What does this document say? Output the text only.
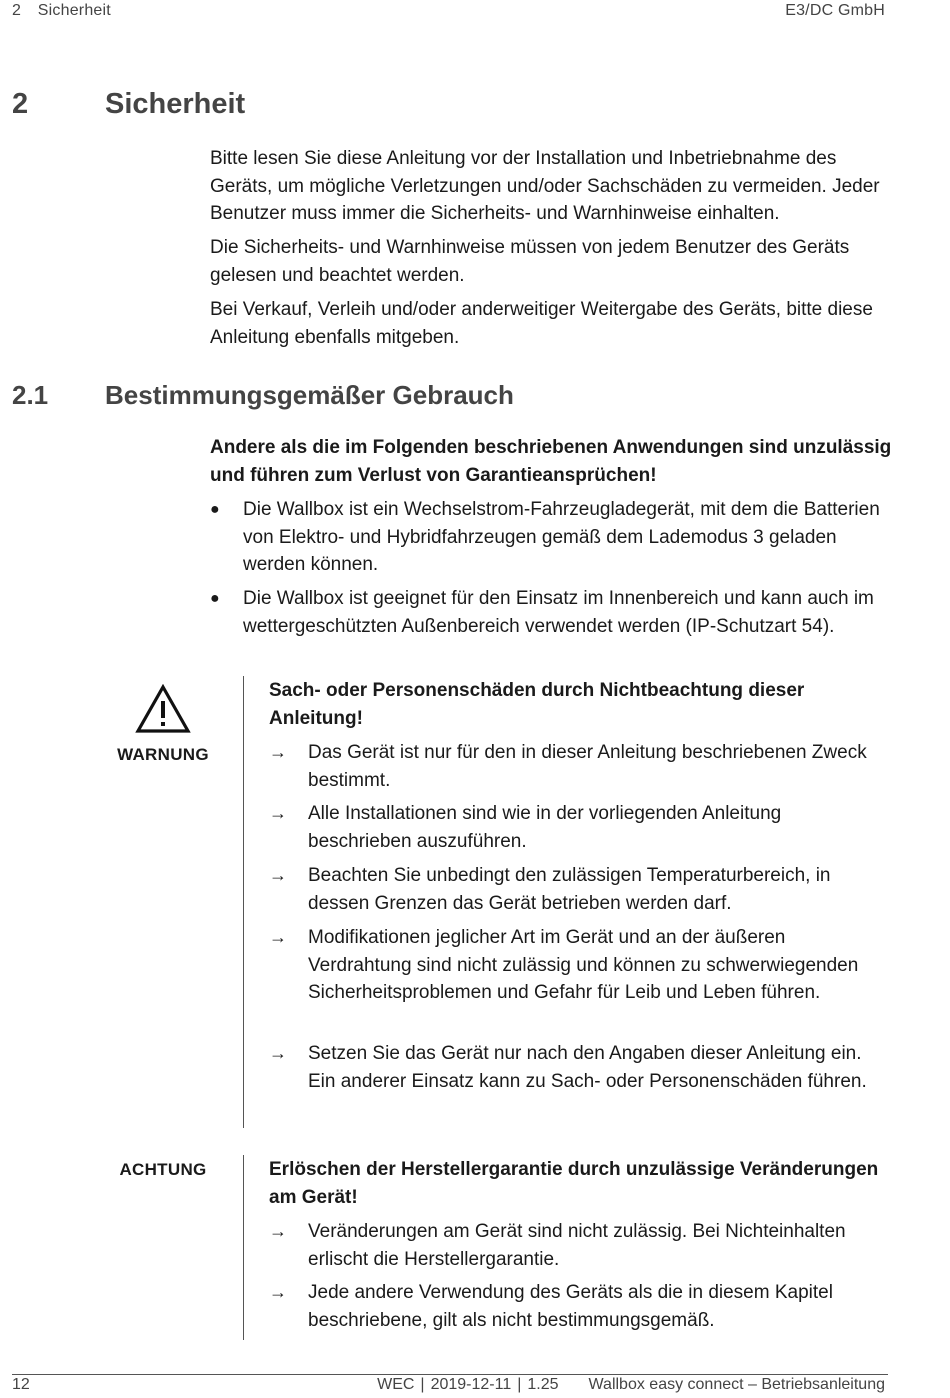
2 Sicherheit	E3/DC GmbH
2	Sicherheit

Bitte lesen Sie diese Anleitung vor der Installation und Inbetriebnahme des Geräts, um mögliche Verletzungen und/oder Sachschäden zu vermeiden. Jeder Benutzer muss immer die Sicherheits- und Warnhinweise einhalten.

Die Sicherheits- und Warnhinweise müssen von jedem Benutzer des Geräts gelesen und beachtet werden.

Bei Verkauf, Verleih und/oder anderweitiger Weitergabe des Geräts, bitte diese Anleitung ebenfalls mitgeben.

2.1	Bestimmungsgemäßer Gebrauch

Andere als die im Folgenden beschriebenen Anwendungen sind unzulässig und führen zum Verlust von Garantieansprüchen!

●	Die Wallbox ist ein Wechselstrom-Fahrzeugladegerät, mit dem die Batterien von Elektro- und Hybridfahrzeugen gemäß dem Lademodus 3 geladen werden können.
●	Die Wallbox ist geeignet für den Einsatz im Innenbereich und kann auch im wettergeschützten Außenbereich verwendet werden (IP-Schutzart 54).
WARNUNG
Sach- oder Personenschäden durch Nichtbeachtung dieser Anleitung!
→	Das Gerät ist nur für den in dieser Anleitung beschriebenen Zweck bestimmt.
→	Alle Installationen sind wie in der vorliegenden Anleitung beschrieben auszuführen.
→	Beachten Sie unbedingt den zulässigen Temperaturbereich, in dessen Grenzen das Gerät betrieben werden darf.
→	Modifikationen jeglicher Art im Gerät und an der äußeren Verdrahtung sind nicht zulässig und können zu schwerwiegenden Sicherheitsproblemen und Gefahr für Leib und Leben führen.
→	Setzen Sie das Gerät nur nach den Angaben dieser Anleitung ein. Ein anderer Einsatz kann zu Sach- oder Personenschäden führen.
ACHTUNG	Erlöschen der Herstellergarantie durch unzulässige Veränderungen am Gerät!
→	Veränderungen am Gerät sind nicht zulässig. Bei Nichteinhalten erlischt die Herstellergarantie.
→	Jede andere Verwendung des Geräts als die in diesem Kapitel beschriebene, gilt als nicht bestimmungsgemäß.
12	WEC | 2019-12-11 | 1.25 Wallbox easy connect – Betriebsanleitung
